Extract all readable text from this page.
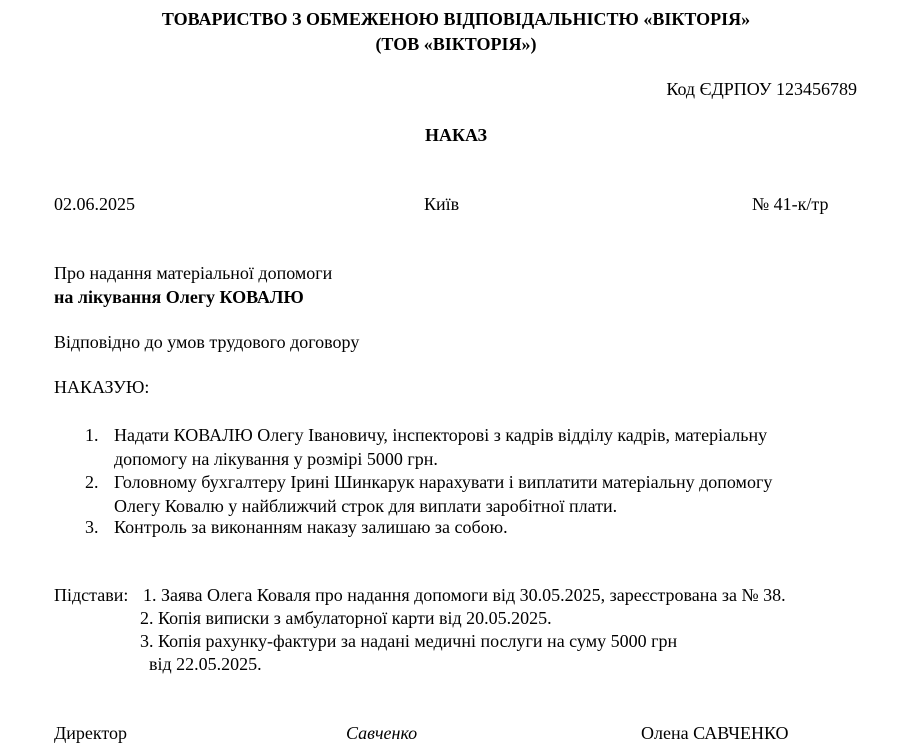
ТОВАРИСТВО З ОБМЕЖЕНОЮ ВІДПОВІДАЛЬНІСТЮ «ВІКТОРІЯ»
(ТОВ «ВІКТОРІЯ»)
Код ЄДРПОУ 123456789
НАКАЗ
02.06.2025	Київ	№ 41-к/тр
Про надання матеріальної допомоги
на лікування Олегу КОВАЛЮ
Відповідно до умов трудового договору
НАКАЗУЮ:
1. Надати КОВАЛЮ Олегу Івановичу, інспекторові з кадрів відділу кадрів, матеріальну
допомогу на лікування у розмірі 5000 грн.
2. Головному бухгалтеру Ірині Шинкарук нарахувати і виплатити матеріальну допомогу
Олегу Ковалю у найближчий строк для виплати заробітної плати.
3. Контроль за виконанням наказу залишаю за собою.
Підстави: 1. Заява Олега Коваля про надання допомоги від 30.05.2025, зареєстрована за № 38.
2. Копія виписки з амбулаторної карти від 20.05.2025.
3. Копія рахунку-фактури за надані медичні послуги на суму 5000 грн
від 22.05.2025.
Директор	Савченко	Олена САВЧЕНКО
